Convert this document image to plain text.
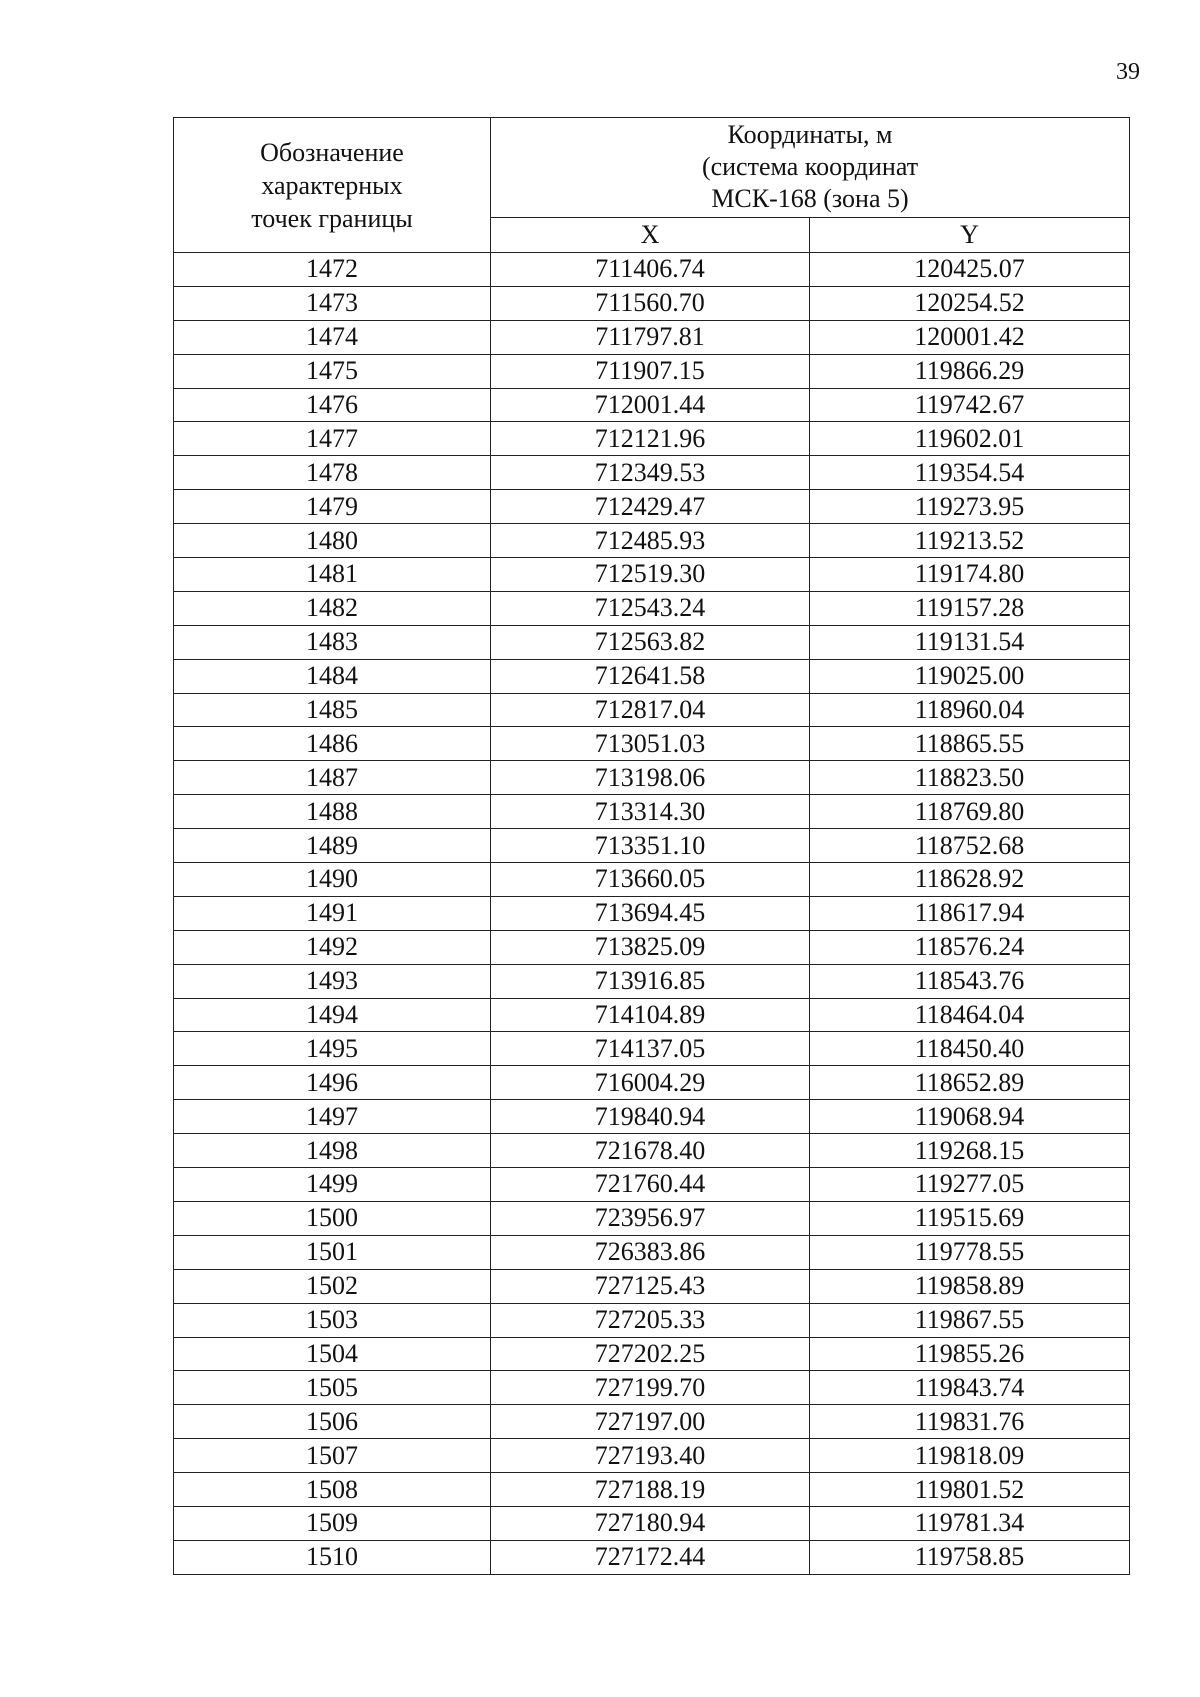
39
Обозначение
характерных
точек границы	Координаты, м
(система координат
МСК-168 (зона 5)	
	X	Y
1472	711406.74	120425.07
1473	711560.70	120254.52
1474	711797.81	120001.42
1475	711907.15	119866.29
1476	712001.44	119742.67
1477	712121.96	119602.01
1478	712349.53	119354.54
1479	712429.47	119273.95
1480	712485.93	119213.52
1481	712519.30	119174.80
1482	712543.24	119157.28
1483	712563.82	119131.54
1484	712641.58	119025.00
1485	712817.04	118960.04
1486	713051.03	118865.55
1487	713198.06	118823.50
1488	713314.30	118769.80
1489	713351.10	118752.68
1490	713660.05	118628.92
1491	713694.45	118617.94
1492	713825.09	118576.24
1493	713916.85	118543.76
1494	714104.89	118464.04
1495	714137.05	118450.40
1496	716004.29	118652.89
1497	719840.94	119068.94
1498	721678.40	119268.15
1499	721760.44	119277.05
1500	723956.97	119515.69
1501	726383.86	119778.55
1502	727125.43	119858.89
1503	727205.33	119867.55
1504	727202.25	119855.26
1505	727199.70	119843.74
1506	727197.00	119831.76
1507	727193.40	119818.09
1508	727188.19	119801.52
1509	727180.94	119781.34
1510	727172.44	119758.85
